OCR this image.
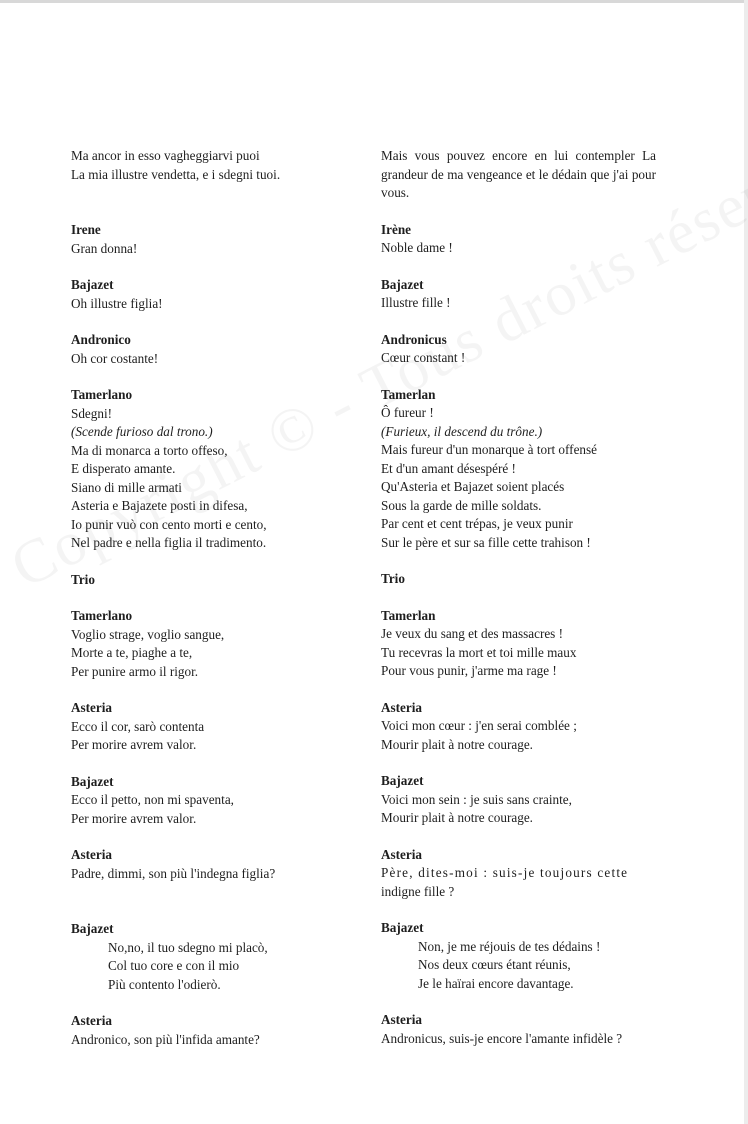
Ma ancor in esso vagheggiarvi puoi
La mia illustre vendetta, e i sdegni tuoi.
Irene
Gran donna!
Bajazet
Oh illustre figlia!
Andronico
Oh cor costante!
Tamerlano
Sdegni!
(Scende furioso dal trono.)
Ma di monarca a torto offeso,
E disperato amante.
Siano di mille armati
Asteria e Bajazete posti in difesa,
Io punir vuò con cento morti e cento,
Nel padre e nella figlia il tradimento.
Trio
Tamerlano
Voglio strage, voglio sangue,
Morte a te, piaghe a te,
Per punire armo il rigor.
Asteria
Ecco il cor, sarò contenta
Per morire avrem valor.
Bajazet
Ecco il petto, non mi spaventa,
Per morire avrem valor.
Asteria
Padre, dimmi, son più l'indegna figlia?
Bajazet
No,no, il tuo sdegno mi placò,
Col tuo core e con il mio
Più contento l'odierò.
Asteria
Andronico, son più l'infida amante?
Mais vous pouvez encore en lui contempler La grandeur de ma vengeance et le dédain que j'ai pour vous.
Irène
Noble dame !
Bajazet
Illustre fille !
Andronicus
Cœur constant !
Tamerlan
Ô fureur !
(Furieux, il descend du trône.)
Mais fureur d'un monarque à tort offensé
Et d'un amant désespéré !
Qu'Asteria et Bajazet soient placés
Sous la garde de mille soldats.
Par cent et cent trépas, je veux punir
Sur le père et sur sa fille cette trahison !
Trio
Tamerlan
Je veux du sang et des massacres !
Tu recevras la mort et toi mille maux
Pour vous punir, j'arme ma rage !
Asteria
Voici mon cœur : j'en serai comblée ;
Mourir plait à notre courage.
Bajazet
Voici mon sein : je suis sans crainte,
Mourir plait à notre courage.
Asteria
Père, dites-moi : suis-je toujours cette
indigne fille ?
Bajazet
Non, je me réjouis de tes dédains !
Nos deux cœurs étant réunis,
Je le haïrai encore davantage.
Asteria
Andronicus, suis-je encore l'amante infidèle ?
